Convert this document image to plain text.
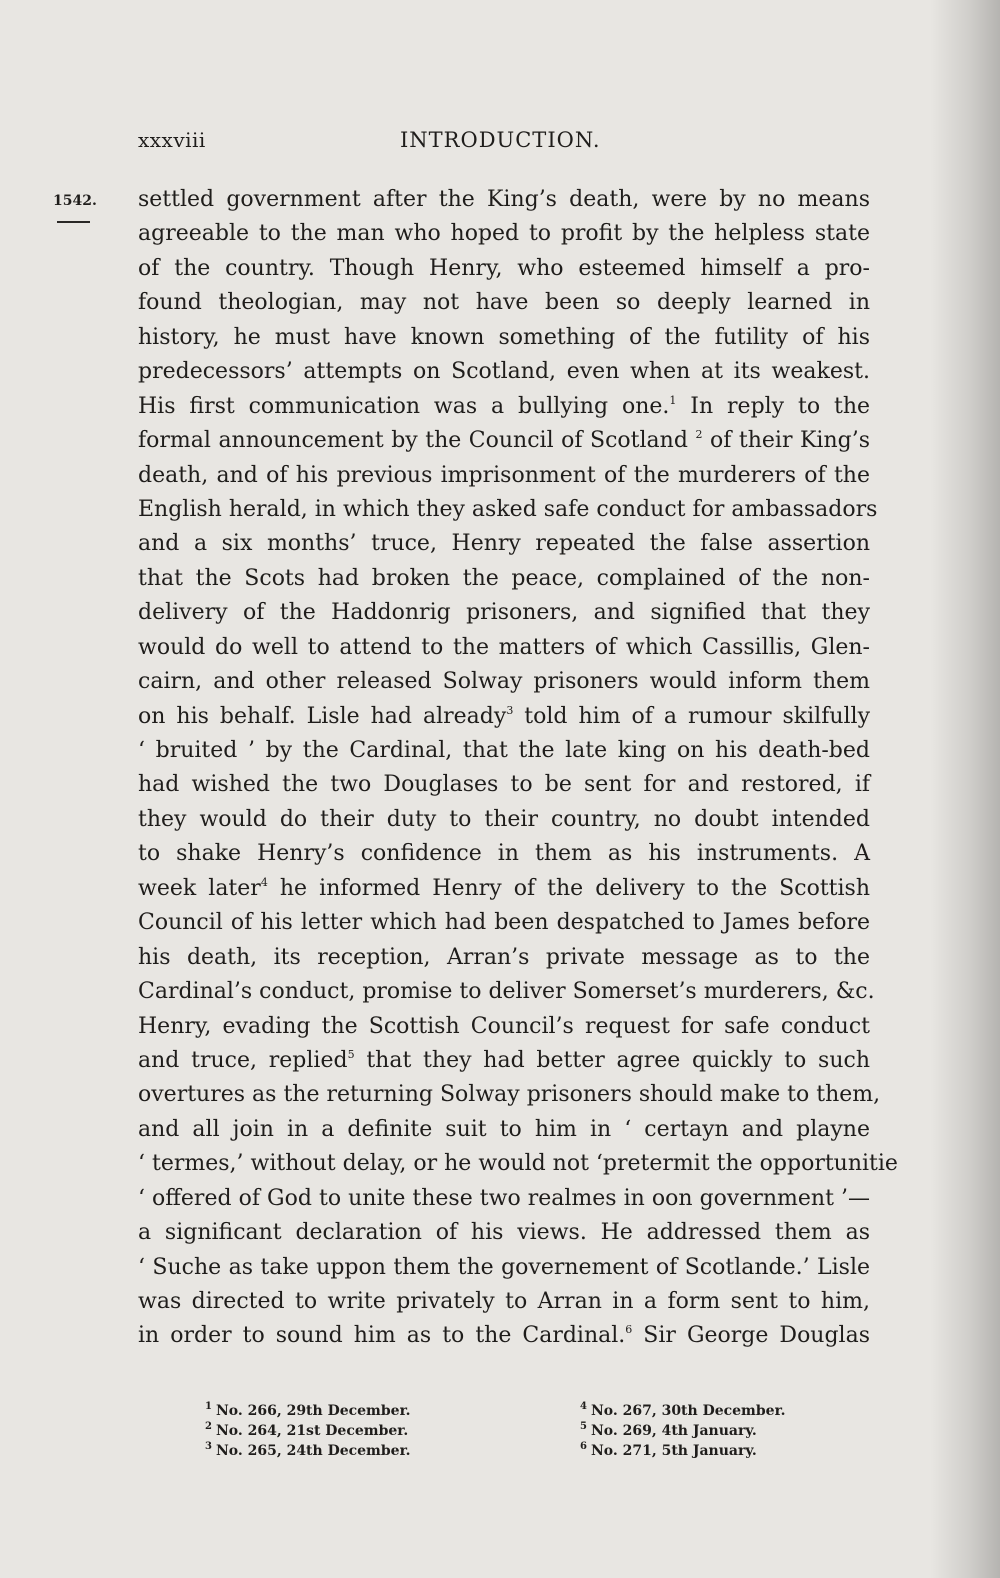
xxxviii	INTRODUCTION.
1542. settled government after the King’s death, were by no means
agreeable to the man who hoped to profit by the helpless state
of the country. Though Henry, who esteemed himself a pro-
found theologian, may not have been so deeply learned in
history, he must have known something of the futility of his
predecessors’ attempts on Scotland, even when at its weakest.
His first communication was a bullying one.$^1$ In reply to the
formal announcement by the Council of Scotland $^2$ of their King’s
death, and of his previous imprisonment of the murderers of the
English herald, in which they asked safe conduct for ambassadors
and a six months’ truce, Henry repeated the false assertion
that the Scots had broken the peace, complained of the non-
delivery of the Haddonrig prisoners, and signified that they
would do well to attend to the matters of which Cassillis, Glen-
cairn, and other released Solway prisoners would inform them
on his behalf. Lisle had already$^3$ told him of a rumour skilfully
‘ bruited ’ by the Cardinal, that the late king on his death-bed
had wished the two Douglases to be sent for and restored, if
they would do their duty to their country, no doubt intended
to shake Henry’s confidence in them as his instruments. A
week later$^4$ he informed Henry of the delivery to the Scottish
Council of his letter which had been despatched to James before
his death, its reception, Arran’s private message as to the
Cardinal’s conduct, promise to deliver Somerset’s murderers, &c.
Henry, evading the Scottish Council’s request for safe conduct
and truce, replied$^5$ that they had better agree quickly to such
overtures as the returning Solway prisoners should make to them,
and all join in a definite suit to him in ‘ certayn and playne
‘ termes,’ without delay, or he would not ‘pretermit the opportunitie
‘ offered of God to unite these two realmes in oon government ’—
a significant declaration of his views. He addressed them as
‘ Suche as take uppon them the governement of Scotlande.’ Lisle
was directed to write privately to Arran in a form sent to him,
in order to sound him as to the Cardinal.$^6$ Sir George Douglas
$^1$ No. 266, 29th December.
$^2$ No. 264, 21st December.
$^3$ No. 265, 24th December.
$^4$ No. 267, 30th December.
$^5$ No. 269, 4th January.
$^6$ No. 271, 5th January.
